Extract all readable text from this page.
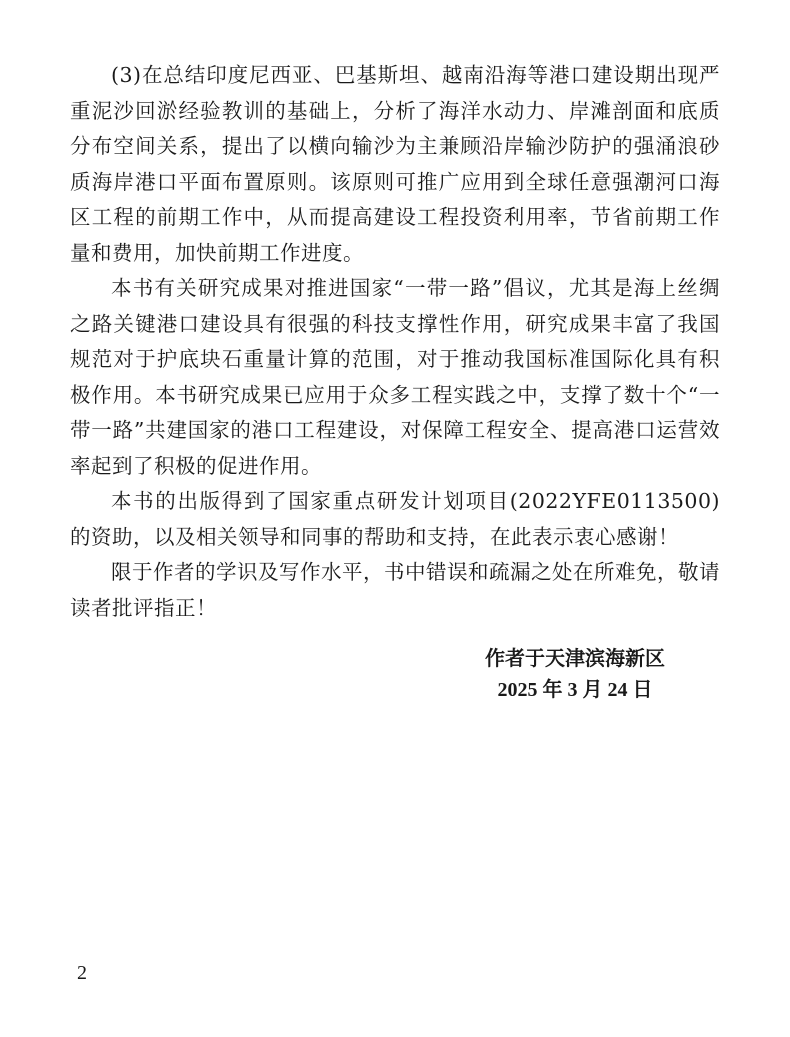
(3)在总结印度尼西亚、巴基斯坦、越南沿海等港口建设期出现严重泥沙回淤经验教训的基础上，分析了海洋水动力、岸滩剖面和底质分布空间关系，提出了以横向输沙为主兼顾沿岸输沙防护的强涌浪砂质海岸港口平面布置原则。该原则可推广应用到全球任意强潮河口海区工程的前期工作中，从而提高建设工程投资利用率，节省前期工作量和费用，加快前期工作进度。

本书有关研究成果对推进国家“一带一路”倡议，尤其是海上丝绸之路关键港口建设具有很强的科技支撑性作用，研究成果丰富了我国规范对于护底块石重量计算的范围，对于推动我国标准国际化具有积极作用。本书研究成果已应用于众多工程实践之中，支撑了数十个“一带一路”共建国家的港口工程建设，对保障工程安全、提高港口运营效率起到了积极的促进作用。

本书的出版得到了国家重点研发计划项目(2022YFE0113500)的资助，以及相关领导和同事的帮助和支持，在此表示衷心感谢！

限于作者的学识及写作水平，书中错误和疏漏之处在所难免，敬请读者批评指正！

作者于天津滨海新区
2025 年 3 月 24 日
2
